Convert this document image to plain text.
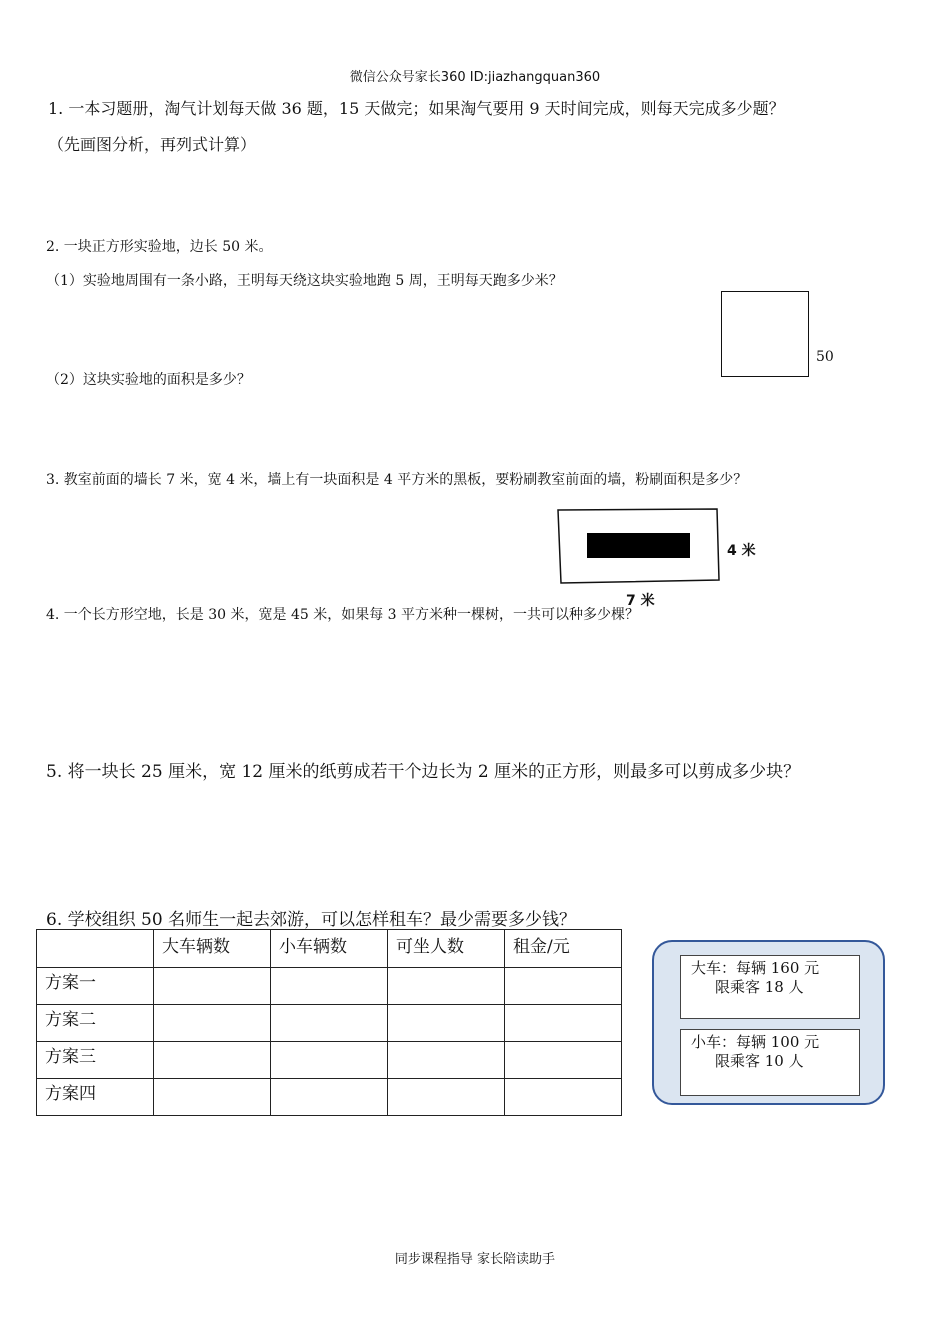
微信公众号家长360 ID:jiazhangquan360
1. 一本习题册，淘气计划每天做 36 题，15 天做完；如果淘气要用 9 天时间完成，则每天完成多少题？
（先画图分析，再列式计算）
2. 一块正方形实验地，边长 50 米。
（1）实验地周围有一条小路，王明每天绕这块实验地跑 5 周，王明每天跑多少米？
（2）这块实验地的面积是多少？
50
3. 教室前面的墙长 7 米，宽 4 米，墙上有一块面积是 4 平方米的黑板，要粉刷教室前面的墙，粉刷面积是多少？
4. 一个长方形空地，长是 30 米，宽是 45 米，如果每 3 平方米种一棵树，一共可以种多少棵？
4 米
7 米
5. 将一块长 25 厘米，宽 12 厘米的纸剪成若干个边长为 2 厘米的正方形，则最多可以剪成多少块？
6. 学校组织 50 名师生一起去郊游，可以怎样租车？最少需要多少钱？
	大车辆数	小车辆数	可坐人数	租金/元
方案一				
方案二				
方案三				
方案四				
大车：每辆 160 元
限乘客 18 人
小车：每辆 100 元
限乘客 10 人
同步课程指导 家长陪读助手
